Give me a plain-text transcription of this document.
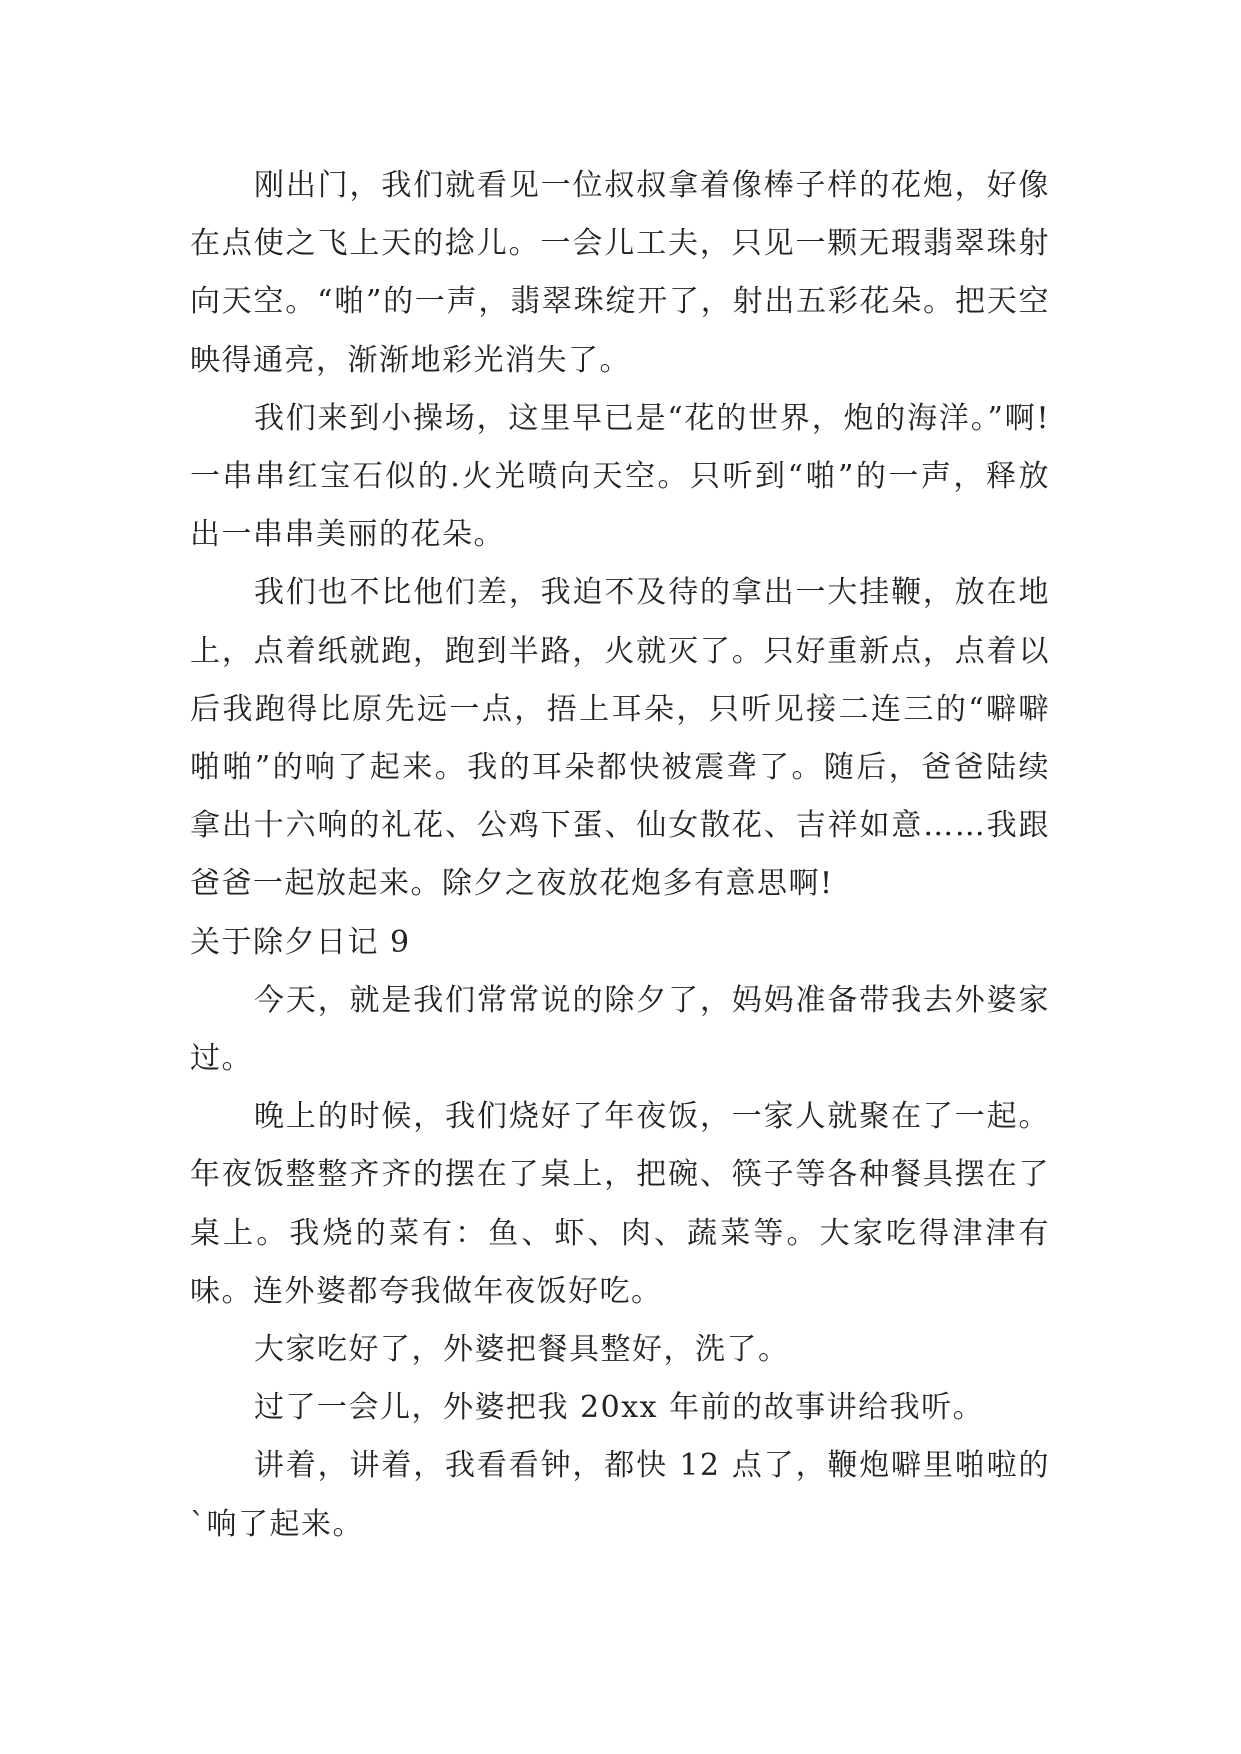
刚出门，我们就看见一位叔叔拿着像棒子样的花炮，好像在点使之飞上天的捻儿。一会儿工夫，只见一颗无瑕翡翠珠射向天空。“啪”的一声，翡翠珠绽开了，射出五彩花朵。把天空映得通亮，渐渐地彩光消失了。

我们来到小操场，这里早已是“花的世界，炮的海洋。”啊!一串串红宝石似的.火光喷向天空。只听到“啪”的一声，释放出一串串美丽的花朵。

我们也不比他们差，我迫不及待的拿出一大挂鞭，放在地上，点着纸就跑，跑到半路，火就灭了。只好重新点，点着以后我跑得比原先远一点，捂上耳朵，只听见接二连三的“噼噼啪啪”的响了起来。我的耳朵都快被震聋了。随后，爸爸陆续拿出十六响的礼花、公鸡下蛋、仙女散花、吉祥如意……我跟爸爸一起放起来。除夕之夜放花炮多有意思啊!

关于除夕日记 9

今天，就是我们常常说的除夕了，妈妈准备带我去外婆家过。

晚上的时候，我们烧好了年夜饭，一家人就聚在了一起。年夜饭整整齐齐的摆在了桌上，把碗、筷子等各种餐具摆在了桌上。我烧的菜有：鱼、虾、肉、蔬菜等。大家吃得津津有味。连外婆都夸我做年夜饭好吃。

大家吃好了，外婆把餐具整好，洗了。

过了一会儿，外婆把我 20xx 年前的故事讲给我听。

讲着，讲着，我看看钟，都快 12 点了，鞭炮噼里啪啦的`响了起来。
